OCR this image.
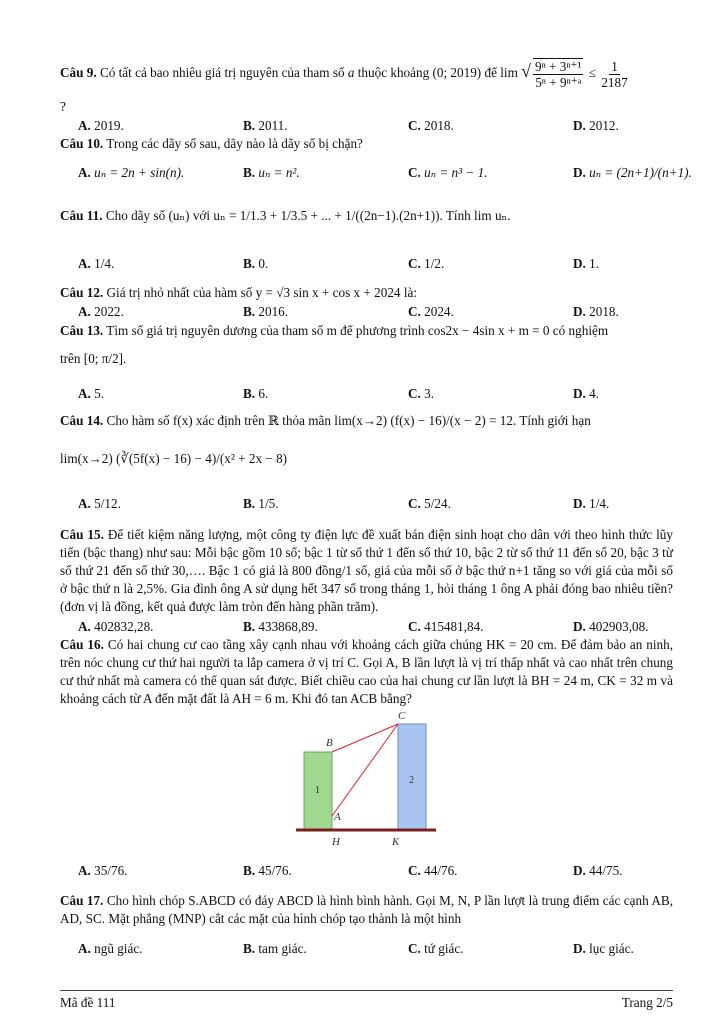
Câu 9. Có tất cả bao nhiêu giá trị nguyên của tham số a thuộc khoảng (0; 2019) để lim √ $\frac{\text{9ⁿ + 3ⁿ⁺¹}}{\text{5ⁿ + 9ⁿ⁺ᵃ}} \le \frac{1}{2187}$
?
A. 2019.	B. 2011.	C. 2018.	D. 2012.
Câu 10. Trong các dãy số sau, dãy nào là dãy số bị chặn?
A. uₙ = 2n + sin(n).	B. uₙ = n².	C. uₙ = n³ − 1.	D. uₙ = (2n+1)/(n+1).
Câu 11. Cho dãy số (uₙ) với uₙ = 1/1.3 + 1/3.5 + ... + 1/((2n−1).(2n+1)). Tính lim uₙ.
A. 1/4.	B. 0.	C. 1/2.	D. 1.
Câu 12. Giá trị nhỏ nhất của hàm số y = √3 sin x + cos x + 2024 là:
A. 2022.	B. 2016.	C. 2024.	D. 2018.
Câu 13. Tìm số giá trị nguyên dương của tham số m để phương trình cos2x − 4sin x + m = 0 có nghiệm
trên [0; π/2].
A. 5.	B. 6.	C. 3.	D. 4.
Câu 14. Cho hàm số f(x) xác định trên ℝ thỏa mãn lim(x→2) (f(x) − 16)/(x − 2) = 12. Tính giới hạn
lim(x→2) (∛(5f(x) − 16) − 4)/(x² + 2x − 8)
A. 5/12.	B. 1/5.	C. 5/24.	D. 1/4.
Câu 15. Để tiết kiệm năng lượng, một công ty điện lực đề xuất bán điện sinh hoạt cho dân với theo hình thức lũy tiến (bậc thang) như sau: Mỗi bậc gồm 10 số; bậc 1 từ số thứ 1 đến số thứ 10, bậc 2 từ số thứ 11 đến số 20, bậc 3 từ số thứ 21 đến số thứ 30,…. Bậc 1 có giá là 800 đồng/1 số, giá của mỗi số ở bậc thứ n+1 tăng so với giá của mỗi số ở bậc thứ n là 2,5%. Gia đình ông A sử dụng hết 347 số trong tháng 1, hỏi tháng 1 ông A phải đóng bao nhiêu tiền? (đơn vị là đồng, kết quả được làm tròn đến hàng phần trăm).
A. 402832,28.	B. 433868,89.	C. 415481,84.	D. 402903,08.
Câu 16. Có hai chung cư cao tầng xây cạnh nhau với khoảng cách giữa chúng HK = 20 cm. Để đảm bảo an ninh, trên nóc chung cư thứ hai người ta lắp camera ở vị trí C. Gọi A, B lần lượt là vị trí thấp nhất và cao nhất trên chung cư thứ nhất mà camera có thể quan sát được. Biết chiều cao của hai chung cư lần lượt là BH = 24 m, CK = 32 m và khoảng cách từ A đến mặt đất là AH = 6 m. Khi đó tan ACB bằng?
C
B
A
H	K
1
2
A. 35/76.	B. 45/76.	C. 44/76.	D. 44/75.
Câu 17. Cho hình chóp S.ABCD có đáy ABCD là hình bình hành. Gọi M, N, P lần lượt là trung điểm các cạnh AB, AD, SC. Mặt phẳng (MNP) cắt các mặt của hình chóp tạo thành là một hình
A. ngũ giác.	B. tam giác.	C. tứ giác.	D. lục giác.
Mã đề 111	Trang 2/5
